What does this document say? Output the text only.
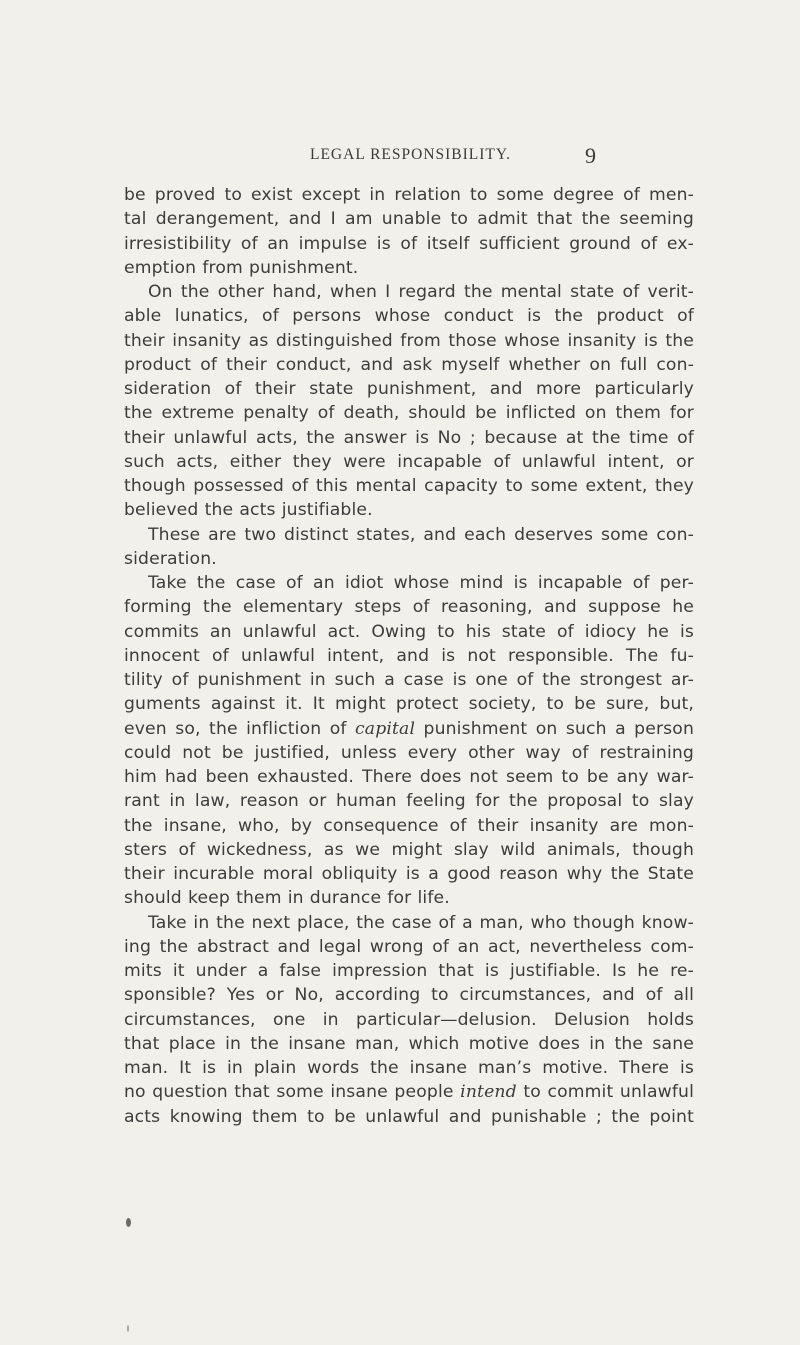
LEGAL RESPONSIBILITY.	9
be proved to exist except in relation to some degree of men-
tal derangement, and I am unable to admit that the seeming
irresistibility of an impulse is of itself sufficient ground of ex-
emption from punishment.
On the other hand, when I regard the mental state of verit-
able lunatics, of persons whose conduct is the product of
their insanity as distinguished from those whose insanity is the
product of their conduct, and ask myself whether on full con-
sideration of their state punishment, and more particularly
the extreme penalty of death, should be inflicted on them for
their unlawful acts, the answer is No ; because at the time of
such acts, either they were incapable of unlawful intent, or
though possessed of this mental capacity to some extent, they
believed the acts justifiable.
These are two distinct states, and each deserves some con-
sideration.
Take the case of an idiot whose mind is incapable of per-
forming the elementary steps of reasoning, and suppose he
commits an unlawful act. Owing to his state of idiocy he is
innocent of unlawful intent, and is not responsible. The fu-
tility of punishment in such a case is one of the strongest ar-
guments against it. It might protect society, to be sure, but,
even so, the infliction of capital punishment on such a person
could not be justified, unless every other way of restraining
him had been exhausted. There does not seem to be any war-
rant in law, reason or human feeling for the proposal to slay
the insane, who, by consequence of their insanity are mon-
sters of wickedness, as we might slay wild animals, though
their incurable moral obliquity is a good reason why the State
should keep them in durance for life.
Take in the next place, the case of a man, who though know-
ing the abstract and legal wrong of an act, nevertheless com-
mits it under a false impression that is justifiable. Is he re-
sponsible? Yes or No, according to circumstances, and of all
circumstances, one in particular—delusion. Delusion holds
that place in the insane man, which motive does in the sane
man. It is in plain words the insane man’s motive. There is
no question that some insane people intend to commit unlawful
acts knowing them to be unlawful and punishable ; the point
